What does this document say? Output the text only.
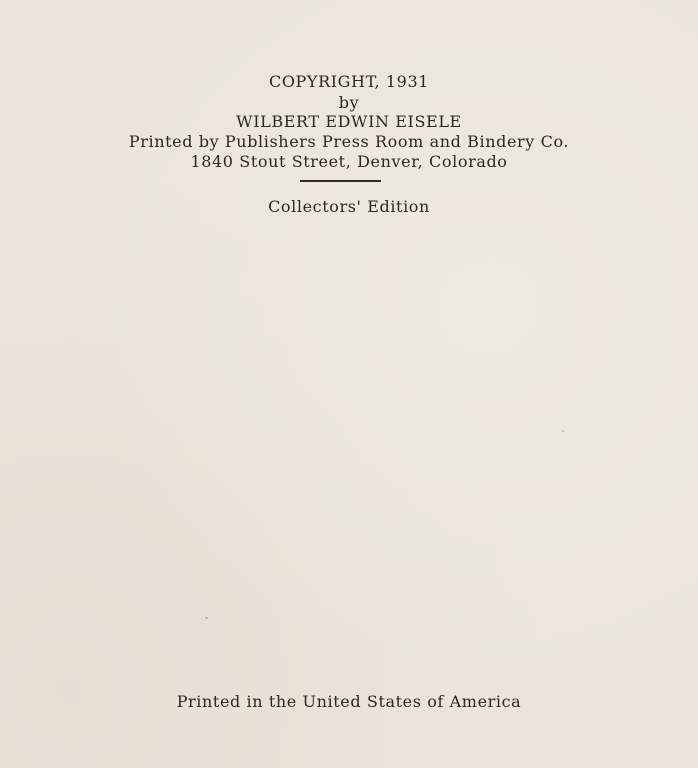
COPYRIGHT, 1931
by
WILBERT EDWIN EISELE
Printed by Publishers Press Room and Bindery Co.
1840 Stout Street, Denver, Colorado
Collectors' Edition
Printed in the United States of America
